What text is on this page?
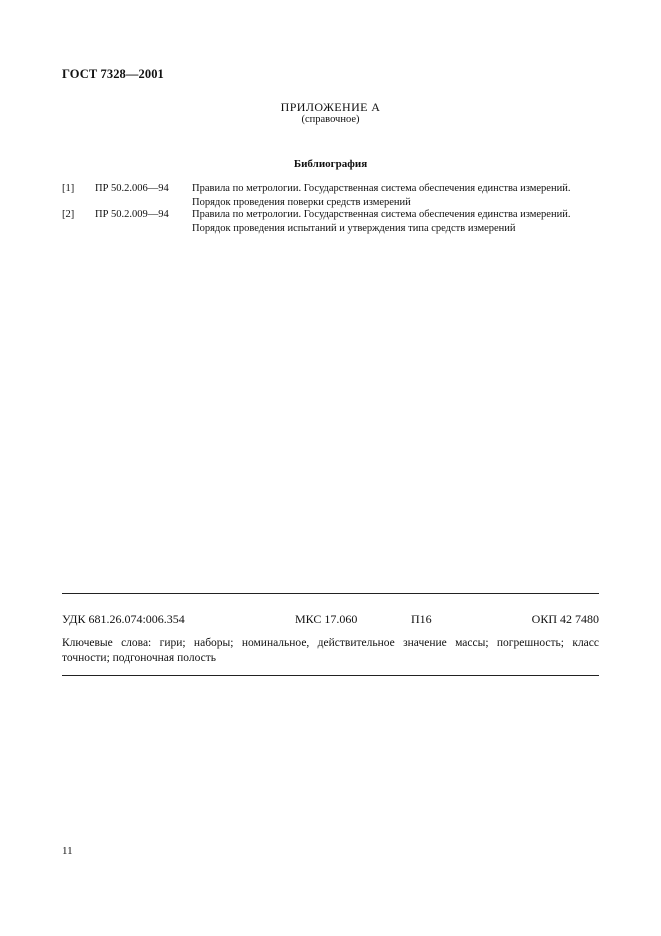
ГОСТ 7328—2001
ПРИЛОЖЕНИЕ А
(справочное)
Библиография
[1] ПР 50.2.006—94 Правила по метрологии. Государственная система обеспечения единства измерений. Порядок проведения поверки средств измерений
[2] ПР 50.2.009—94 Правила по метрологии. Государственная система обеспечения единства измерений. Порядок проведения испытаний и утверждения типа средств измерений
УДК 681.26.074:006.354	МКС 17.060	П16	ОКП 42 7480
Ключевые слова: гири; наборы; номинальное, действительное значение массы; погрешность; класс точности; подгоночная полость
11
